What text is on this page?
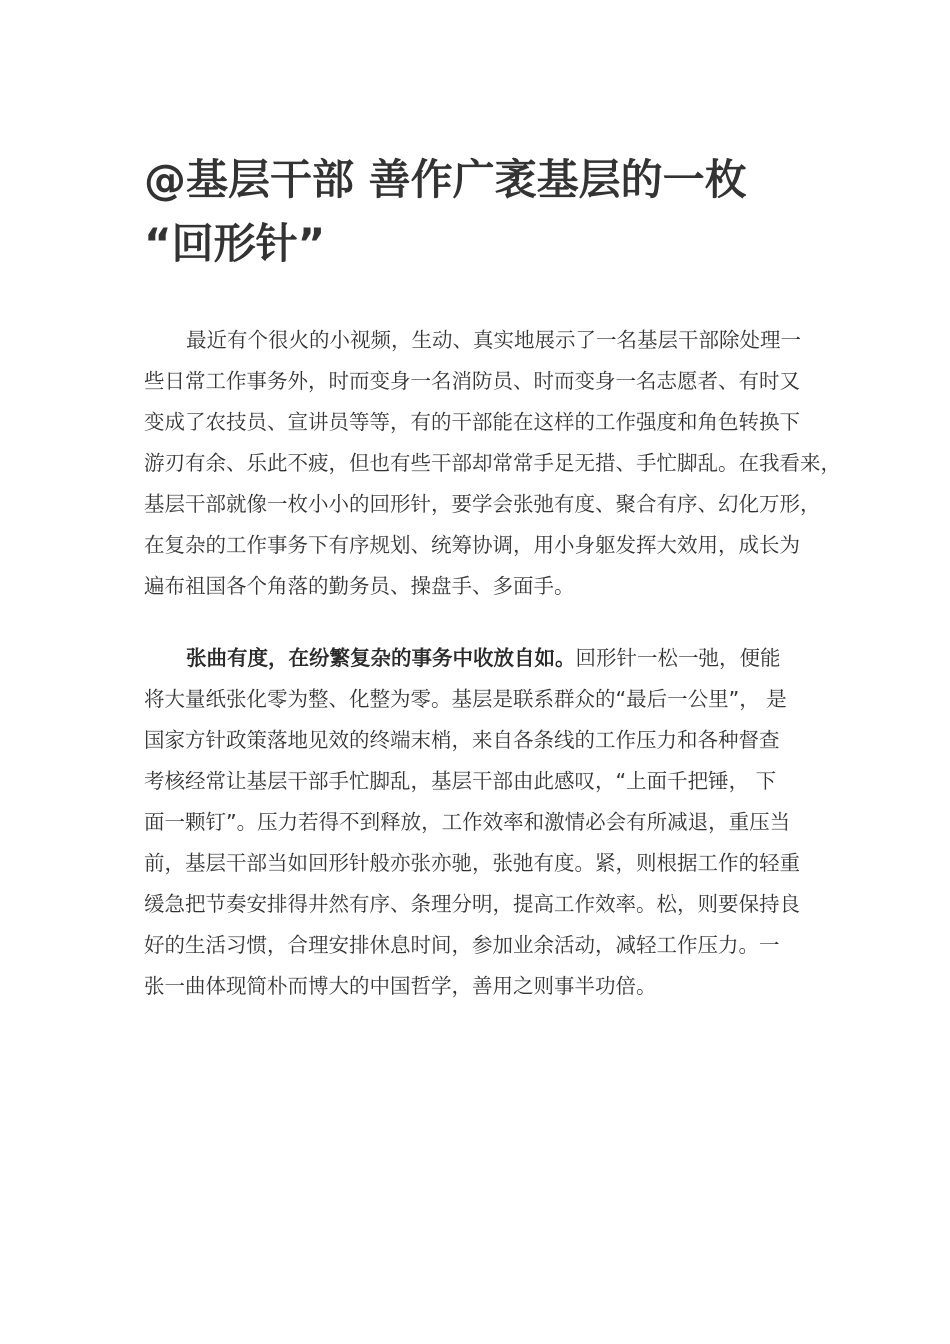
@基层干部 善作广袤基层的一枚
“回形针”
最近有个很火的小视频，生动、真实地展示了一名基层干部除处理一
些日常工作事务外，时而变身一名消防员、时而变身一名志愿者、有时又
变成了农技员、宣讲员等等，有的干部能在这样的工作强度和角色转换下
游刃有余、乐此不疲，但也有些干部却常常手足无措、手忙脚乱。在我看来，
基层干部就像一枚小小的回形针，要学会张弛有度、聚合有序、幻化万形，
在复杂的工作事务下有序规划、统筹协调，用小身躯发挥大效用，成长为
遍布祖国各个角落的勤务员、操盘手、多面手。
张曲有度，在纷繁复杂的事务中收放自如。回形针一松一弛，便能
将大量纸张化零为整、化整为零。基层是联系群众的“最后一公里”， 是
国家方针政策落地见效的终端末梢，来自各条线的工作压力和各种督查
考核经常让基层干部手忙脚乱，基层干部由此感叹，“上面千把锤， 下
面一颗钉”。压力若得不到释放，工作效率和激情必会有所减退，重压当
前，基层干部当如回形针般亦张亦驰，张弛有度。紧，则根据工作的轻重
缓急把节奏安排得井然有序、条理分明，提高工作效率。松，则要保持良
好的生活习惯，合理安排休息时间，参加业余活动，减轻工作压力。一
张一曲体现简朴而博大的中国哲学，善用之则事半功倍。
